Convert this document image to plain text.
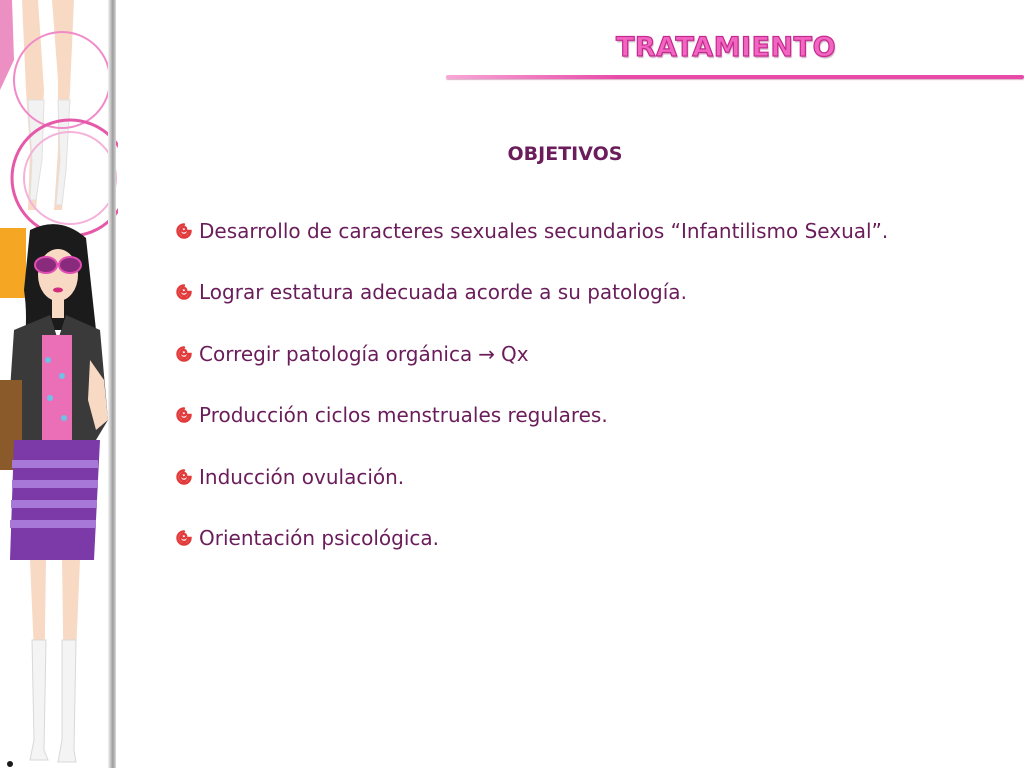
TRATAMIENTO
OBJETIVOS
Desarrollo de caracteres sexuales secundarios “Infantilismo Sexual”.
Lograr estatura adecuada acorde a su patología.
Corregir patología orgánica → Qx
Producción ciclos menstruales regulares.
Inducción ovulación.
Orientación psicológica.
